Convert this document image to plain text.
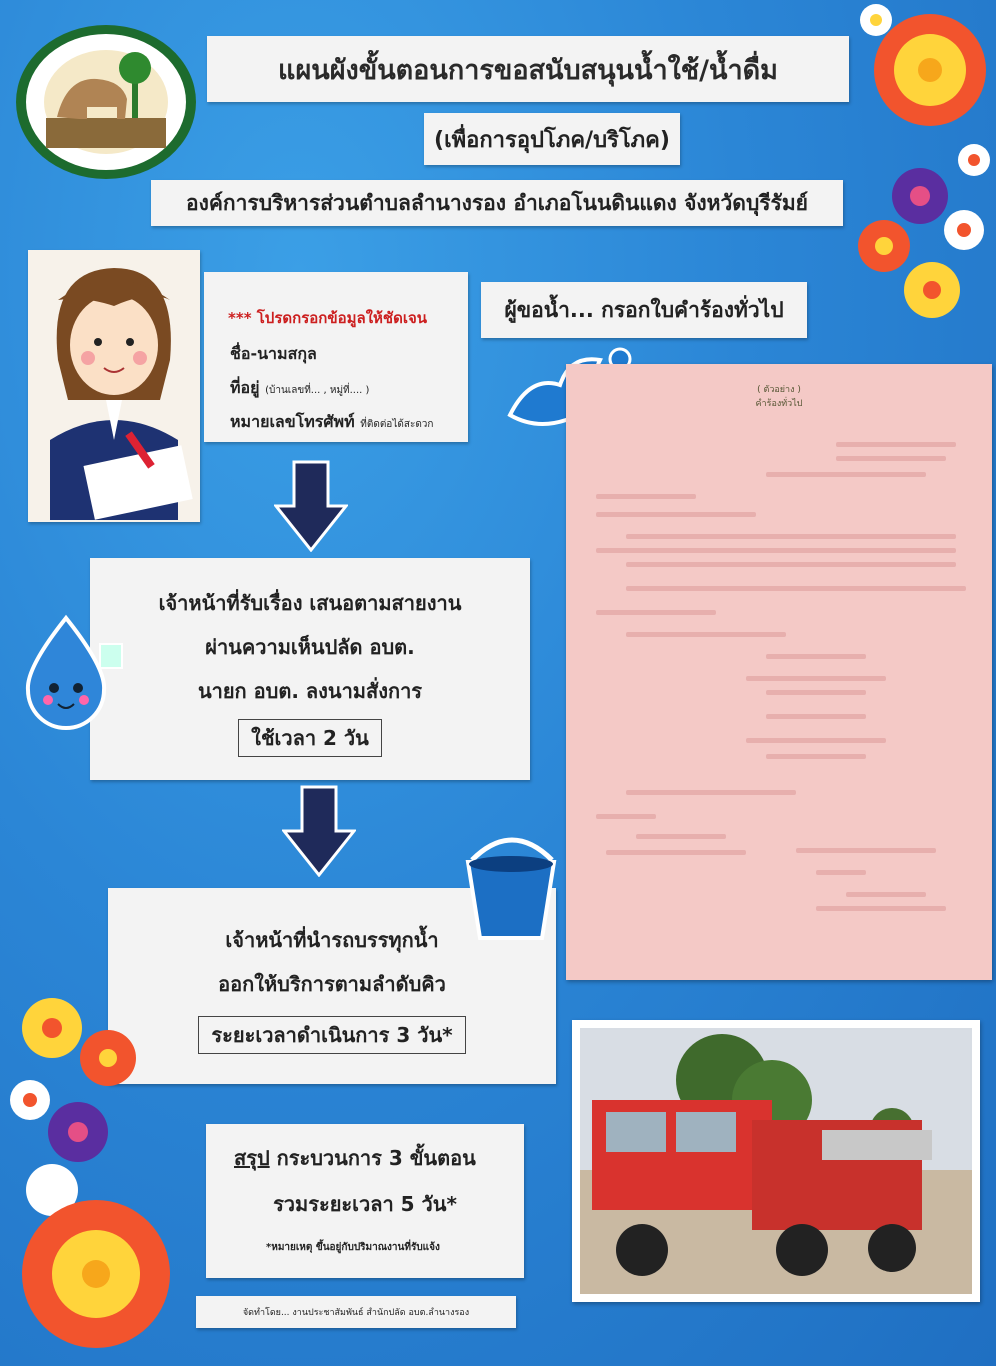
แผนผังขั้นตอนการขอสนับสนุนน้ำใช้/น้ำดื่ม
(เพื่อการอุปโภค/บริโภค)
องค์การบริหารส่วนตำบลลำนางรอง อำเภอโนนดินแดง จังหวัดบุรีรัมย์
*** โปรดกรอกข้อมูลให้ชัดเจน
ชื่อ-นามสกุล
ที่อยู่ (บ้านเลขที่... , หมู่ที่.... )
หมายเลขโทรศัพท์ ที่ติดต่อได้สะดวก
ผู้ขอน้ำ... กรอกใบคำร้องทั่วไป
( ตัวอย่าง )
คำร้องทั่วไป
เจ้าหน้าที่รับเรื่อง เสนอตามสายงาน
ผ่านความเห็นปลัด อบต.
นายก อบต. ลงนามสั่งการ
ใช้เวลา 2 วัน
เจ้าหน้าที่นำรถบรรทุกน้ำ
ออกให้บริการตามลำดับคิว
ระยะเวลาดำเนินการ 3 วัน*
สรุป กระบวนการ 3 ขั้นตอน
รวมระยะเวลา 5 วัน*
*หมายเหตุ ขึ้นอยู่กับปริมาณงานที่รับแจ้ง
จัดทำโดย... งานประชาสัมพันธ์ สำนักปลัด อบต.ลำนางรอง
